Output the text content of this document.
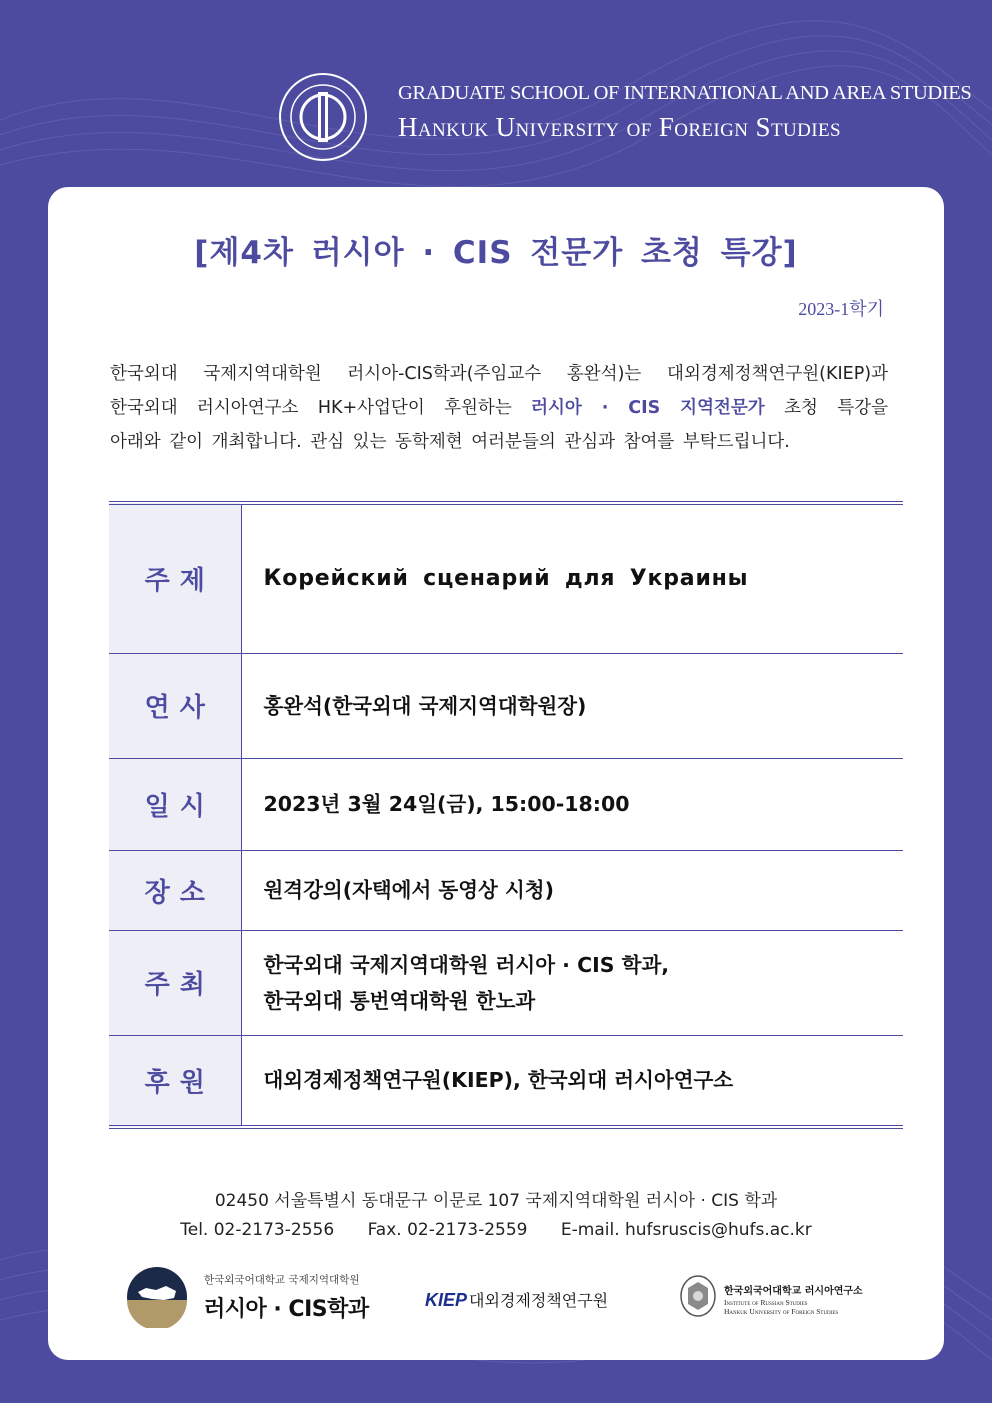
GRADUATE SCHOOL OF INTERNATIONAL AND AREA STUDIES
Hankuk University of Foreign Studies
[제4차 러시아 · CIS 전문가 초청 특강]
2023-1학기
한국외대 국제지역대학원 러시아-CIS학과(주임교수 홍완석)는 대외경제정책연구원(KIEP)과
한국외대 러시아연구소 HK+사업단이 후원하는 러시아 · CIS 지역전문가 초청 특강을
아래와 같이 개최합니다. 관심 있는 동학제현 여러분들의 관심과 참여를 부탁드립니다.
주제	Корейский сценарий для Украины
연사	홍완석(한국외대 국제지역대학원장)
일시	2023년 3월 24일(금), 15:00-18:00
장소	원격강의(자택에서 동영상 시청)
주최	한국외대 국제지역대학원 러시아 · CIS 학과,
한국외대 통번역대학원 한노과

후원	대외경제정책연구원(KIEP), 한국외대 러시아연구소
02450 서울특별시 동대문구 이문로 107 국제지역대학원 러시아 · CIS 학과
Tel. 02-2173-2556 Fax. 02-2173-2559 E-mail. hufsruscis@hufs.ac.kr
한국외국어대학교 국제지역대학원
러시아 · CIS학과	KIEP 대외경제정책연구원	한국외국어대학교 러시아연구소
Institute of Russian Studies
Hankuk University of Foreign Studies
